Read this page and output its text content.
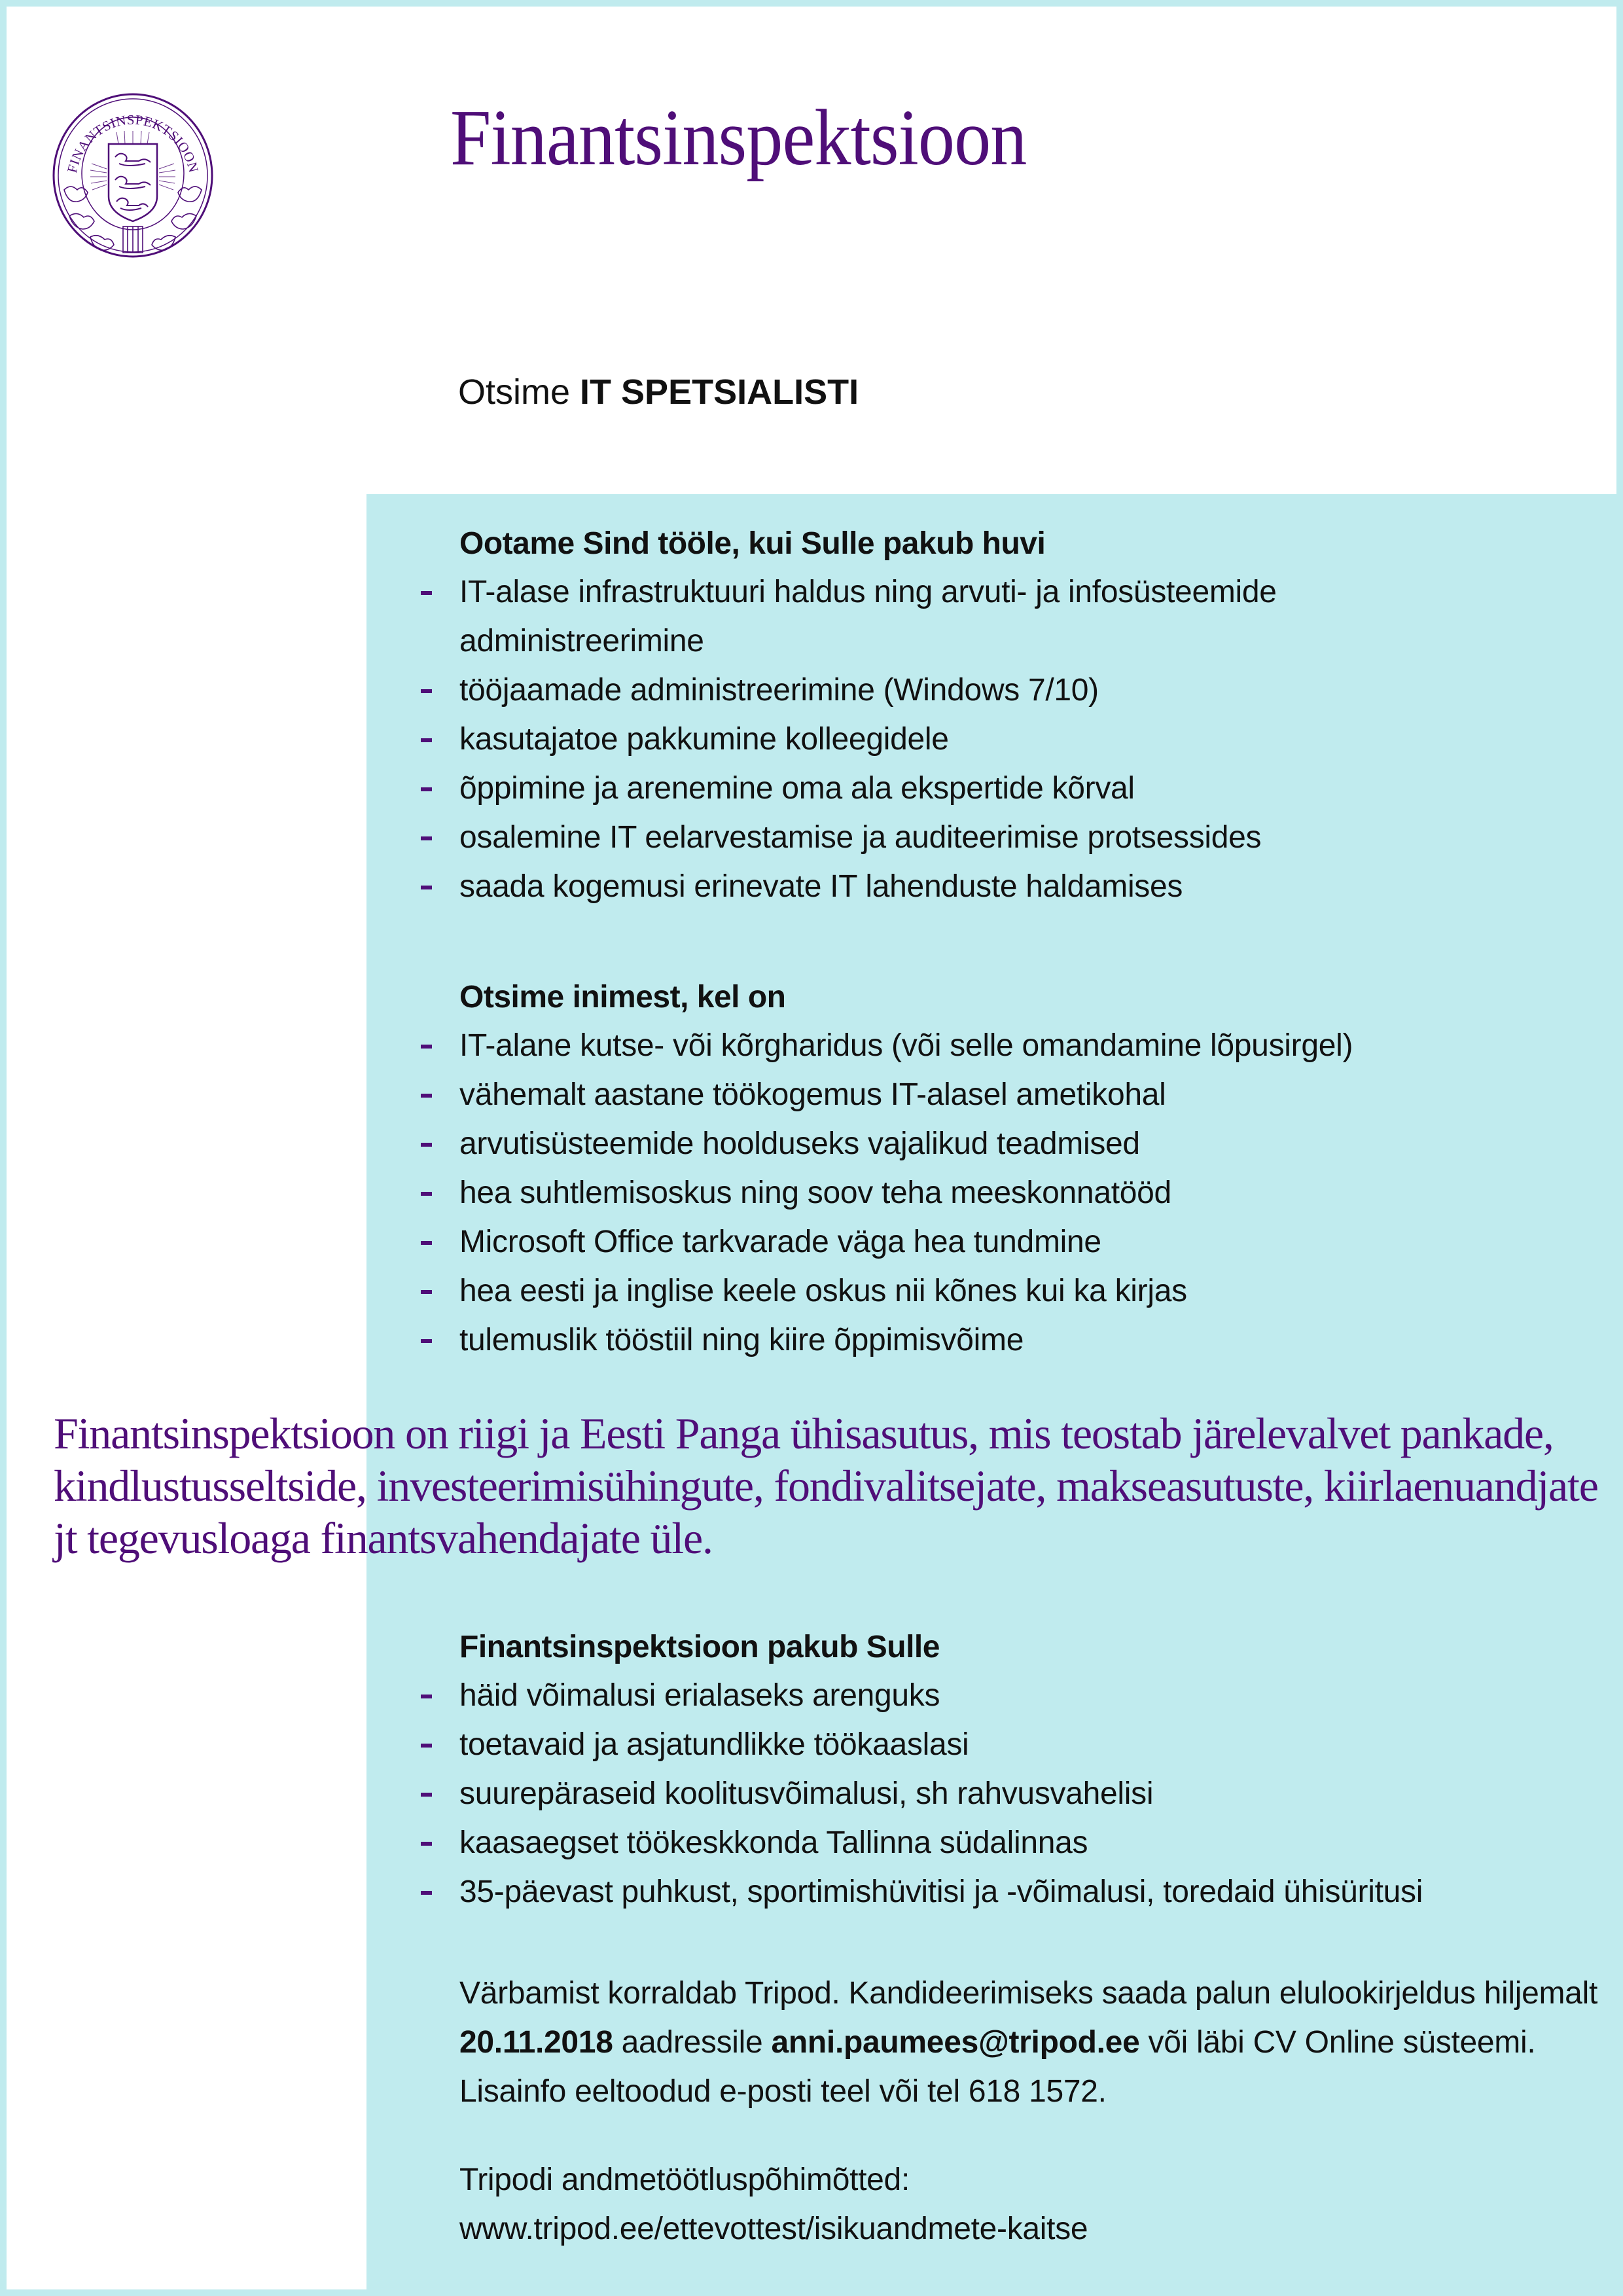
FINANTSINSPEKTSIOON	Finantsinspektsioon
Otsime IT SPETSIALISTI
Ootame Sind tööle, kui Sulle pakub huvi
IT-alase infrastruktuuri haldus ning arvuti- ja infosüsteemide administreerimine
tööjaamade administreerimine (Windows 7/10)
kasutajatoe pakkumine kolleegidele
õppimine ja arenemine oma ala ekspertide kõrval
osalemine IT eelarvestamise ja auditeerimise protsessides
saada kogemusi erinevate IT lahenduste haldamises
Otsime inimest, kel on
IT-alane kutse- või kõrgharidus (või selle omandamine lõpusirgel)
vähemalt aastane töökogemus IT-alasel ametikohal
arvutisüsteemide hoolduseks vajalikud teadmised
hea suhtlemisoskus ning soov teha meeskonnatööd
Microsoft Office tarkvarade väga hea tundmine
hea eesti ja inglise keele oskus nii kõnes kui ka kirjas
tulemuslik tööstiil ning kiire õppimisvõime
Finantsinspektsioon on riigi ja Eesti Panga ühisasutus, mis teostab järelevalvet pankade, kindlustusseltside, investeerimisühingute, fondivalitsejate, makseasutuste, kiirlaenuandjate jt tegevusloaga finantsvahendajate üle.
Finantsinspektsioon pakub Sulle
häid võimalusi erialaseks arenguks
toetavaid ja asjatundlikke töökaaslasi
suurepäraseid koolitusvõimalusi, sh rahvusvahelisi
kaasaegset töökeskkonda Tallinna südalinnas
35-päevast puhkust, sportimishüvitisi ja -võimalusi, toredaid ühisüritusi
Värbamist korraldab Tripod. Kandideerimiseks saada palun elulookirjeldus hiljemalt 20.11.2018 aadressile anni.paumees@tripod.ee või läbi CV Online süsteemi. Lisainfo eeltoodud e-posti teel või tel 618 1572.
Tripodi andmetöötluspõhimõtted:
www.tripod.ee/ettevottest/isikuandmete-kaitse
